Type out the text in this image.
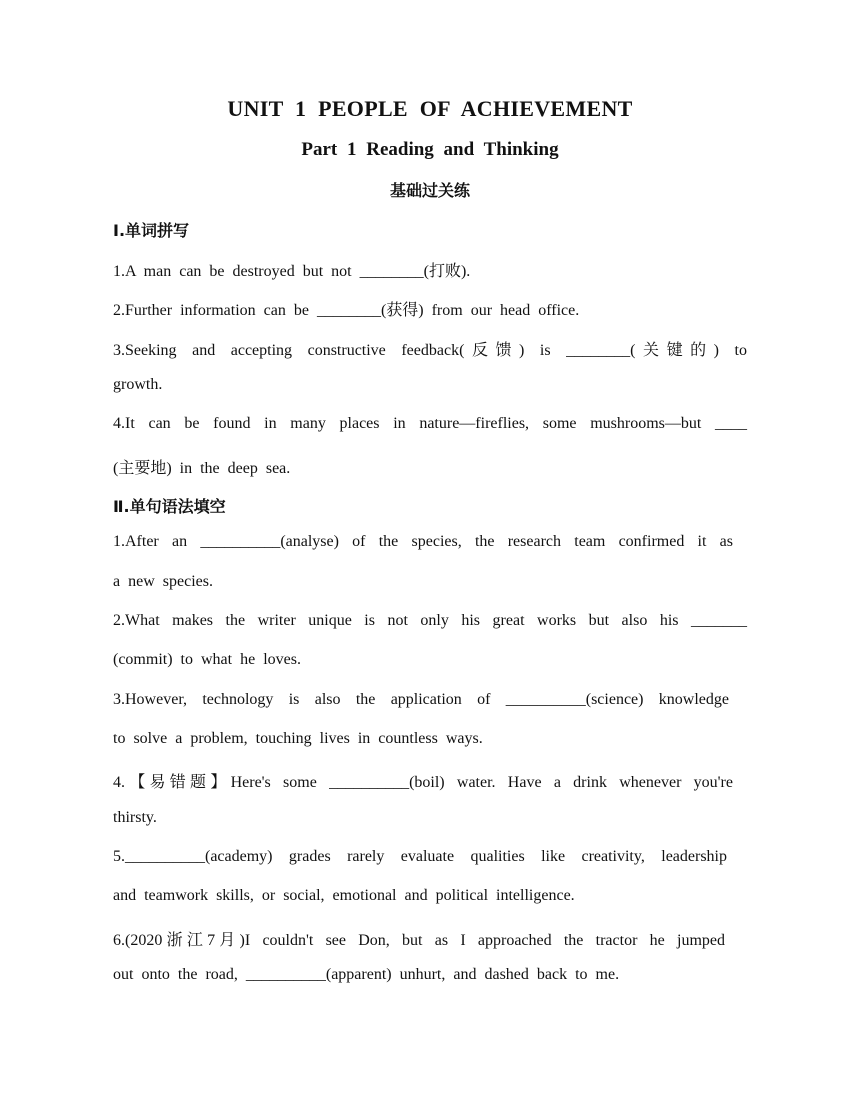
UNIT 1 PEOPLE OF ACHIEVEMENT
Part 1 Reading and Thinking
基础过关练
Ⅰ.单词拼写
1.A man can be destroyed but not ________(打败).
2.Further information can be ________(获得) from our head office.
3.Seeking and accepting constructive feedback(反馈) is ________(关键的) to
growth.
4.It can be found in many places in nature—fireflies, some mushrooms—but ____
(主要地) in the deep sea.
Ⅱ.单句语法填空
1.After an __________(analyse) of the species, the research team confirmed it as
a new species.
2.What makes the writer unique is not only his great works but also his _______
(commit) to what he loves.
3.However, technology is also the application of __________(science) knowledge
to solve a problem, touching lives in countless ways.
4.【易错题】Here's some __________(boil) water. Have a drink whenever you're
thirsty.
5.__________(academy) grades rarely evaluate qualities like creativity, leadership
and teamwork skills, or social, emotional and political intelligence.
6.(2020浙江7月)I couldn't see Don, but as I approached the tractor he jumped
out onto the road, __________(apparent) unhurt, and dashed back to me.
